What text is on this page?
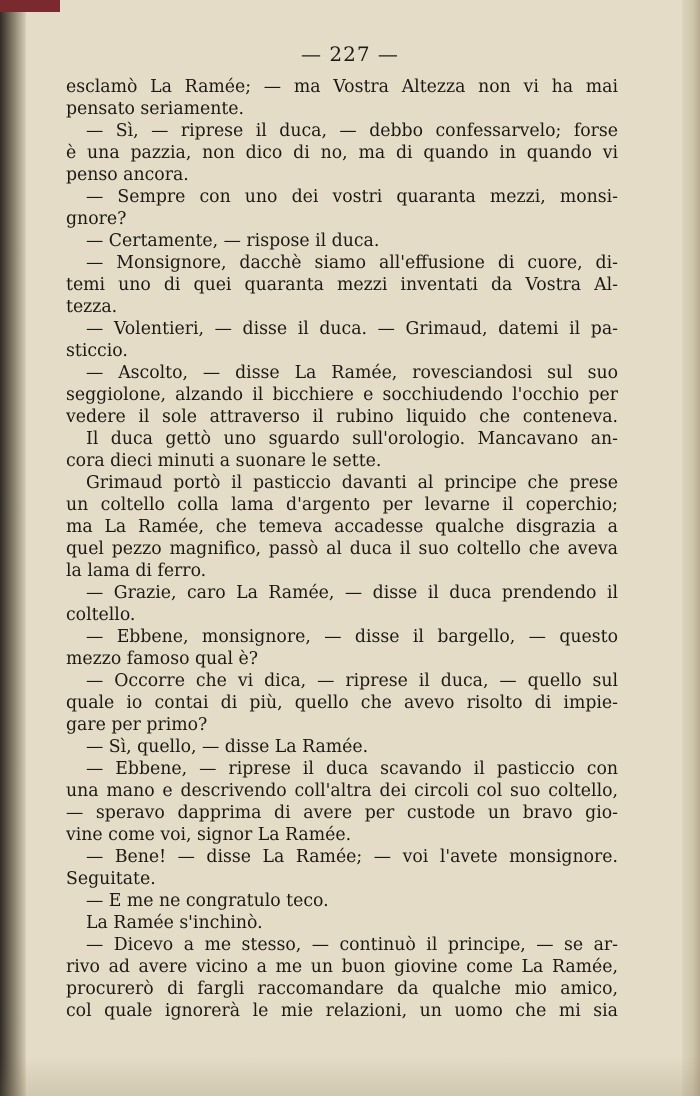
— 227 —
esclamò La Ramée; — ma Vostra Altezza non vi ha mai
pensato seriamente.
— Sì, — riprese il duca, — debbo confessarvelo; forse
è una pazzia, non dico di no, ma di quando in quando vi
penso ancora.
— Sempre con uno dei vostri quaranta mezzi, monsi-
gnore?
— Certamente, — rispose il duca.
— Monsignore, dacchè siamo all'effusione di cuore, di-
temi uno di quei quaranta mezzi inventati da Vostra Al-
tezza.
— Volentieri, — disse il duca. — Grimaud, datemi il pa-
sticcio.
— Ascolto, — disse La Ramée, rovesciandosi sul suo
seggiolone, alzando il bicchiere e socchiudendo l'occhio per
vedere il sole attraverso il rubino liquido che conteneva.
Il duca gettò uno sguardo sull'orologio. Mancavano an-
cora dieci minuti a suonare le sette.
Grimaud portò il pasticcio davanti al principe che prese
un coltello colla lama d'argento per levarne il coperchio;
ma La Ramée, che temeva accadesse qualche disgrazia a
quel pezzo magnifico, passò al duca il suo coltello che aveva
la lama di ferro.
— Grazie, caro La Ramée, — disse il duca prendendo il
coltello.
— Ebbene, monsignore, — disse il bargello, — questo
mezzo famoso qual è?
— Occorre che vi dica, — riprese il duca, — quello sul
quale io contai di più, quello che avevo risolto di impie-
gare per primo?
— Sì, quello, — disse La Ramée.
— Ebbene, — riprese il duca scavando il pasticcio con
una mano e descrivendo coll'altra dei circoli col suo coltello,
— speravo dapprima di avere per custode un bravo gio-
vine come voi, signor La Ramée.
— Bene! — disse La Ramée; — voi l'avete monsignore.
Seguitate.
— E me ne congratulo teco.
La Ramée s'inchinò.
— Dicevo a me stesso, — continuò il principe, — se ar-
rivo ad avere vicino a me un buon giovine come La Ramée,
procurerò di fargli raccomandare da qualche mio amico,
col quale ignorerà le mie relazioni, un uomo che mi sia
